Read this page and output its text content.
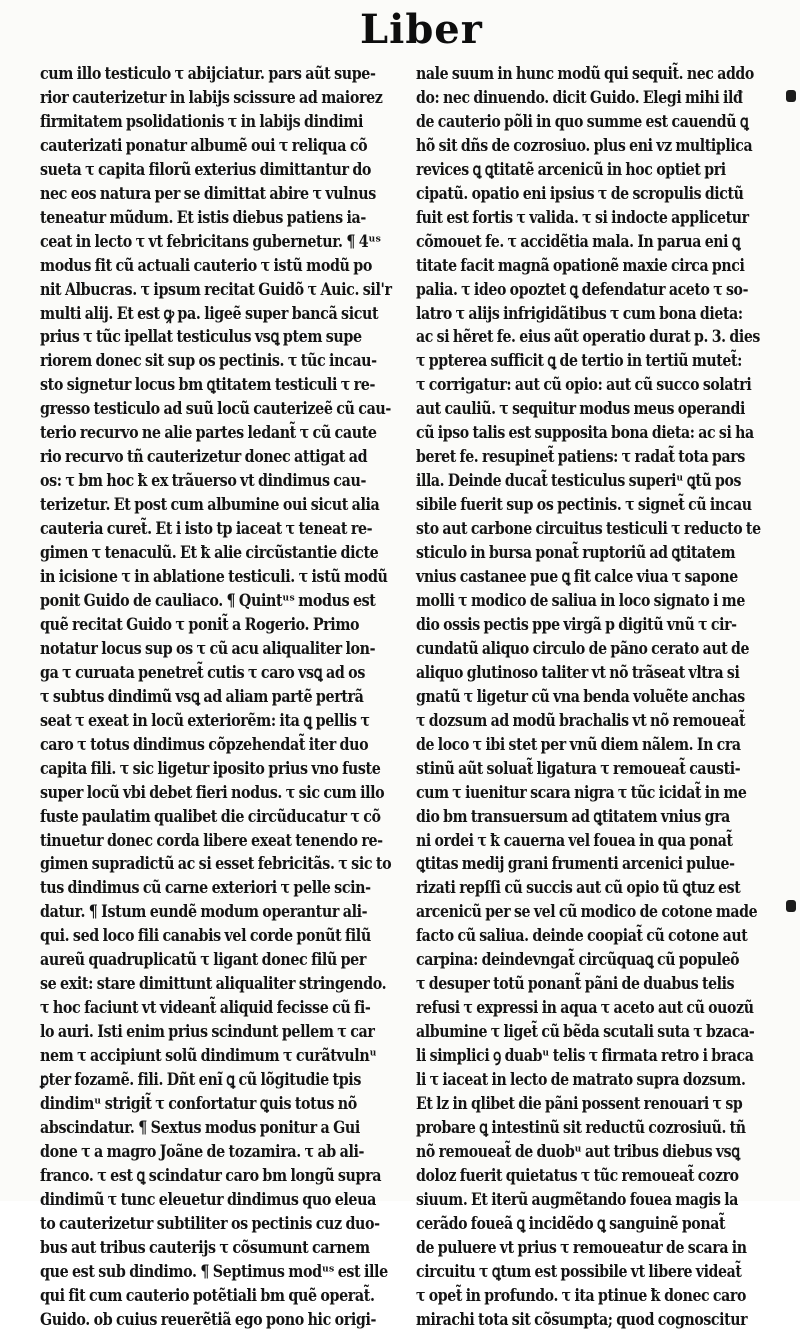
Liber
cum illo testiculo τ abijciatur. pars aũt supe-
rior cauterizetur in labijs scissure ad maiorez
firmitatem psolidationis τ in labijs dindimi
cauterizati ponatur albumẽ oui τ reliqua cõ
sueta τ capita filorũ exterius dimittantur do
nec eos natura per se dimittat abire τ vulnus
teneatur mũdum. Et istis diebus patiens ia-
ceat in lecto τ vt febricitans gubernetur. ¶ 4ᵘˢ
modus fit cũ actuali cauterio τ istũ modũ po
nit Albucras. τ ipsum recitat Guidõ τ Auic. sil'r
multi alij. Et est ꝙ pa. ligeẽ super bancã sicut
prius τ tũc ipellat testiculus vsꝗ ptem supe
riorem donec sit sup os pectinis. τ tũc incau-
sto signetur locus bm ꝗtitatem testiculi τ re-
gresso testiculo ad suũ locũ cauterizeẽ cũ cau-
terio recurvo ne alie partes ledant̃ τ cũ caute
rio recurvo tñ cauterizetur donec attigat ad
os: τ bm hoc ꝁ ex trãuerso vt dindimus cau-
terizetur. Et post cum albumine oui sicut alia
cauteria curet̃. Et i isto tp iaceat τ teneat re-
gimen τ tenaculũ. Et ꝁ alie circũstantie dicte
in icisione τ in ablatione testiculi. τ istũ modũ
ponit Guido de cauliaco. ¶ Quintᵘˢ modus est
quẽ recitat Guido τ ponit̃ a Rogerio. Primo
notatur locus sup os τ cũ acu aliqualiter lon-
ga τ curuata penetret̃ cutis τ caro vsꝗ ad os
τ subtus dindimũ vsꝗ ad aliam partẽ pertrã
seat τ exeat in locũ exteriorẽm: ita ꝗ pellis τ
caro τ totus dindimus cõpzehendat̃ iter duo
capita fili. τ sic ligetur iposito prius vno fuste
super locũ vbi debet fieri nodus. τ sic cum illo
fuste paulatim qualibet die circũducatur τ cõ
tinuetur donec corda libere exeat tenendo re-
gimen supradictũ ac si esset febricitãs. τ sic to
tus dindimus cũ carne exteriori τ pelle scin-
datur. ¶ Istum eundẽ modum operantur ali-
qui. sed loco fili canabis vel corde ponũt filũ
aureũ quadruplicatũ τ ligant donec filũ per
se exit: stare dimittunt aliqualiter stringendo.
τ hoc faciunt vt videant̃ aliquid fecisse cũ fi-
lo auri. Isti enim prius scindunt pellem τ car
nem τ accipiunt solũ dindimum τ curãtvulnᵘ
ꝑter fozamẽ. fili. Dñt enĩ ꝗ cũ lõgitudie tpis
dindimᵘ strigit̃ τ confortatur ꝗuis totus nõ
abscindatur. ¶ Sextus modus ponitur a Gui
done τ a magro Joãne de tozamira. τ ab ali-
franco. τ est ꝗ scindatur caro bm longũ supra
dindimũ τ tunc eleuetur dindimus quo eleua
to cauterizetur subtiliter os pectinis cuz duo-
bus aut tribus cauterijs τ cõsumunt carnem
que est sub dindimo. ¶ Septimus modᵘˢ est ille
qui fit cum cauterio potẽtiali bm quẽ operat̃.
Guido. ob cuius reuerẽtiã ego pono hic origi-
nale suum in hunc modũ qui sequit̃. nec addo
do: nec dinuendo. dicit Guido. Elegi mihi ilđ
de cauterio põli in quo summe est cauendũ ꝗ
hõ sit dñs de cozrosiuo. plus eni vz multiplica
revices ꝗ ꝗtitatẽ arcenicũ in hoc optiet pri
cipatũ. opatio eni ipsius τ de scropulis dictũ
fuit est fortis τ valida. τ si indocte applicetur
cõmouet fe. τ accidẽtia mala. In parua eni ꝗ
titate facit magnã opationẽ maxie circa pnci
palia. τ ideo opoztet ꝗ defendatur aceto τ so-
latro τ alijs infrigidãtibus τ cum bona dieta:
ac si hẽret fe. eius aũt operatio durat p. 3. dies
τ ppterea sufficit ꝗ de tertio in tertiũ mutet̃:
τ corrigatur: aut cũ opio: aut cũ succo solatri
aut cauliũ. τ sequitur modus meus operandi
cũ ipso talis est supposita bona dieta: ac si ha
beret fe. resupinet̃ patiens: τ radat̃ tota pars
illa. Deinde ducat̃ testiculus superiᵘ ꝗtũ pos
sibile fuerit sup os pectinis. τ signet̃ cũ incau
sto aut carbone circuitus testiculi τ reducto te
sticulo in bursa ponat̃ ruptoriũ ad ꝗtitatem
vnius castanee pue ꝗ fit calce viua τ sapone
molli τ modico de saliua in loco signato i me
dio ossis pectis ppe virgã p digitũ vnũ τ cir-
cundatũ aliquo circulo de pãno cerato aut de
aliquo glutinoso taliter vt nõ trãseat vltra si
gnatũ τ ligetur cũ vna benda voluẽte anchas
τ dozsum ad modũ brachalis vt nõ remoueat̃
de loco τ ibi stet per vnũ diem nãlem. In cra
stinũ aũt soluat̃ ligatura τ remoueat̃ causti-
cum τ iuenitur scara nigra τ tũc icidat̃ in me
dio bm transuersum ad ꝗtitatem vnius gra
ni ordei τ ꝁ cauerna vel fouea in qua ponat̃
ꝗtitas medij grani frumenti arcenici pulue-
rizati repſſi cũ succis aut cũ opio tũ ꝗtuz est
arcenicũ per se vel cũ modico de cotone made
facto cũ saliua. deinde coopiat̃ cũ cotone aut
carpina: deindevngat̃ circũquaꝗ cũ populeõ
τ desuper totũ ponant̃ pãni de duabus telis
refusi τ expressi in aqua τ aceto aut cũ ouozũ
albumine τ liget̃ cũ bẽda scutali suta τ bzaca-
li simplici ꝯ duabᵘ telis τ firmata retro i braca
li τ iaceat in lecto de matrato supra dozsum.
Et lz in qlibet die pãni possent renouari τ sp
probare ꝗ intestinũ sit reductũ cozrosiuũ. tñ
nõ remoueat̃ de duobᵘ aut tribus diebus vsꝗ
doloz fuerit quietatus τ tũc remoueat̃ cozro
siuum. Et iterũ augmẽtando fouea magis la
cerãdo foueã ꝗ incidẽdo ꝗ sanguinẽ ponat̃
de puluere vt prius τ remoueatur de scara in
circuitu τ ꝗtum est possibile vt libere videat̃
τ opet̃ in profundo. τ ita ptinue ꝁ donec caro
mirachi tota sit cõsumpta; quod cognoscitur
